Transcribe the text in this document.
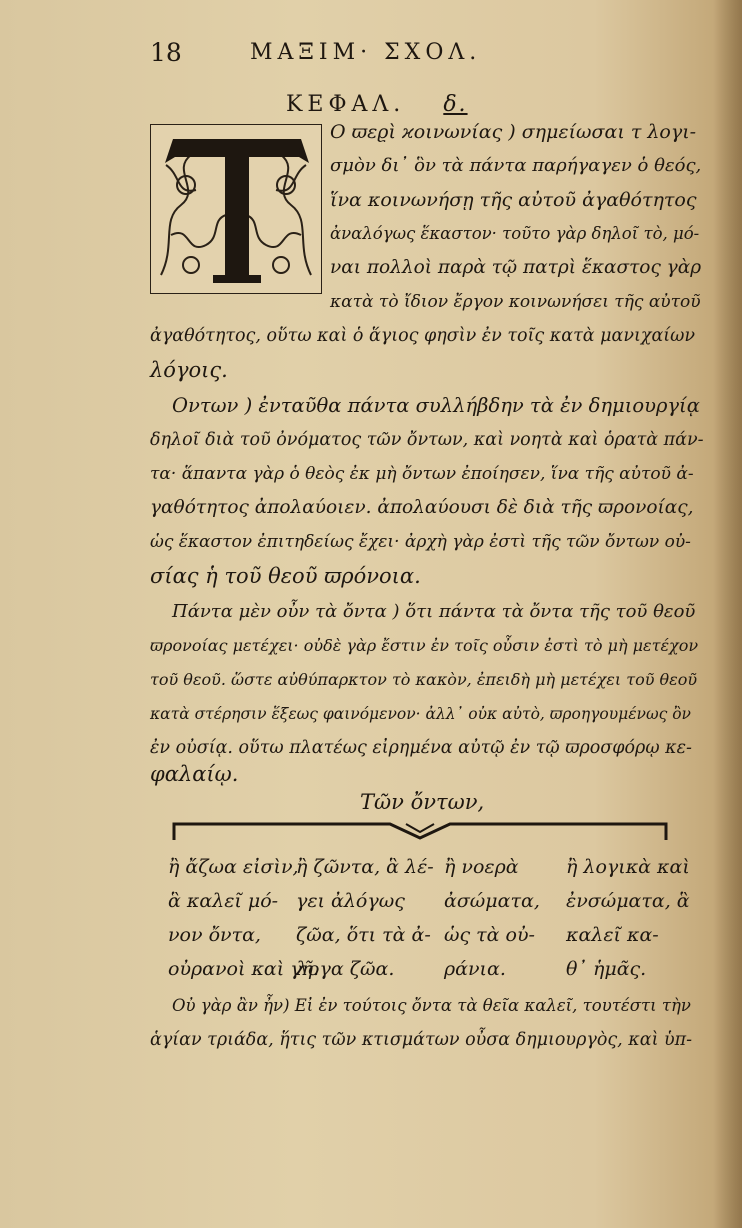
18	ΜΑΞΙΜ· ΣΧΟΛ.
ΚΕΦΑΛ. δ.
Ο ϖεϱὶ ϰοινωνίας ) σημείωσαι τ λογι-
σμὸν δι᾽ ὃν τὰ πάντα παρήγαγεν ὁ θεός,
ἵνα κοινωνήσῃ τῆς αὐτοῦ ἀγαθότητος
ἀναλόγως ἕκαστον· τοῦτο γὰρ δηλοῖ τὸ, μό-
ναι πολλοὶ παρὰ τῷ πατρὶ ἕκαστος γὰρ
κατὰ τὸ ἴδιον ἔργον κοινωνήσει τῆς αὐτοῦ
ἀγαθότητος, οὕτω καὶ ὁ ἅγιος φησὶν ἐν τοῖς κατὰ μανιχαίων
λόγοις.
Οντων ) ἐνταῦθα πάντα συλλήβδην τὰ ἐν δημιουργίᾳ
δηλοῖ διὰ τοῦ ὀνόματος τῶν ὄντων, καὶ νοητὰ καὶ ὁρατὰ πάν-
τα· ἅπαντα γὰρ ὁ θεὸς ἐκ μὴ ὄντων ἐποίησεν, ἵνα τῆς αὐτοῦ ἀ-
γαθότητος ἀπολαύοιεν. ἀπολαύουσι δὲ διὰ τῆς ϖρονοίας,
ὡς ἕκαστον ἐπιτηδείως ἔχει· ἀρχὴ γὰρ ἐστὶ τῆς τῶν ὄντων οὐ-
σίας ἡ τοῦ θεοῦ ϖρόνοια.
Πάντα μὲν οὖν τὰ ὄντα ) ὅτι πάντα τὰ ὄντα τῆς τοῦ θεοῦ
ϖρονοίας μετέχει· οὐδὲ γὰρ ἔστιν ἐν τοῖς οὖσιν ἐστὶ τὸ μὴ μετέχον
τοῦ θεοῦ. ὥστε αὐθύπαρκτον τὸ κακὸν, ἐπειδὴ μὴ μετέχει τοῦ θεοῦ
κατὰ στέρησιν ἕξεως φαινόμενον· ἀλλ᾽ οὐκ αὐτὸ, ϖροηγουμένως ὂν
ἐν οὐσίᾳ. οὕτω πλατέως εἰρημένα αὐτῷ ἐν τῷ ϖροσφόρῳ κε-
φαλαίῳ.
Τῶν ὄντων,
ἢ ἄζωα εἰσὶν,
ἃ καλεῖ μό-
νον ὄντα,
οὐρανοὶ καὶ γῆ.
ἢ ζῶντα, ἃ λέ-
γει ἀλόγως
ζῶα, ὅτι τὰ ἀ-
λογα ζῶα.
ἢ νοερὰ
ἀσώματα,
ὡς τὰ οὐ-
ράνια.
ἢ λογικὰ καὶ
ἐνσώματα, ἃ
καλεῖ κα-
θ᾽ ἡμᾶς.
Οὐ γὰρ ἂν ἦν) Εἰ ἐν τούτοις ὄντα τὰ θεῖα καλεῖ, τουτέστι τὴν
ἁγίαν τριάδα, ἥτις τῶν κτισμάτων οὖσα δημιουργὸς, καὶ ὑπ-
